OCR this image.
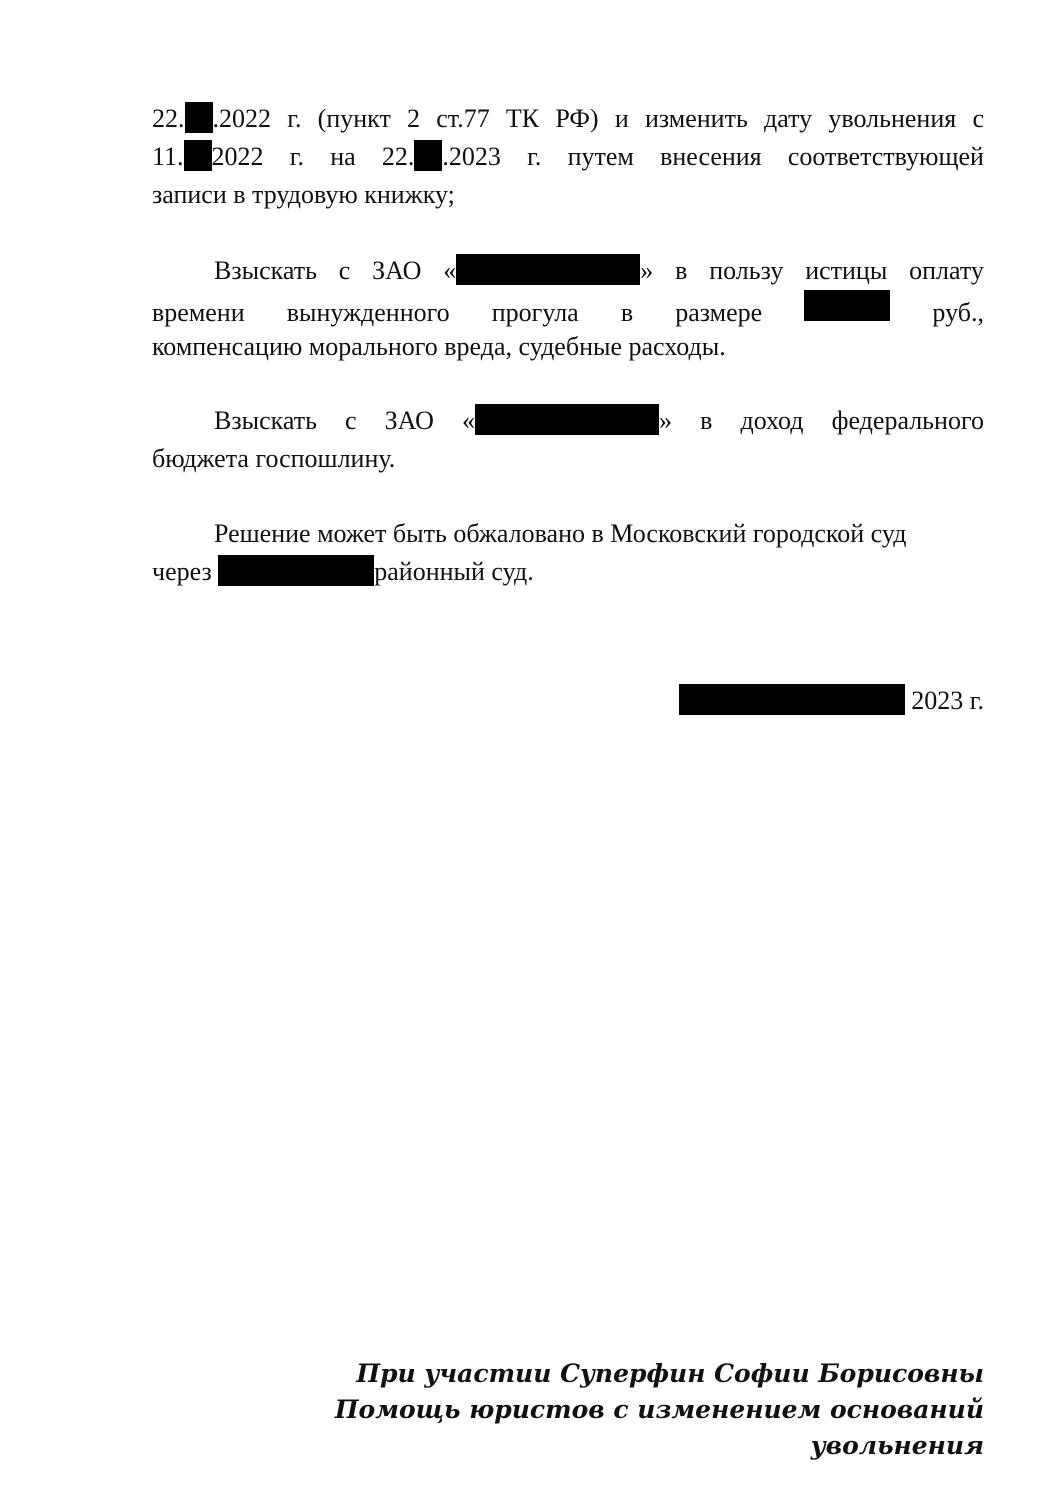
22. .2022 г. (пункт 2 ст.77 ТК РФ) и изменить дату увольнения с
11. 2022 г. на 22. .2023 г. путем внесения соответствующей
записи в трудовую книжку;
Взыскать с ЗАО «	» в пользу истицы оплату
времени вынужденного прогула в размере	руб.,
компенсацию морального вреда, судебные расходы.
Взыскать с ЗАО «	» в доход федерального
бюджета госпошлину.
Решение может быть обжаловано в Московский городской суд
через	районный суд.
2023 г.
При участии Суперфин Софии Борисовны
Помощь юристов с изменением оснований
увольнения
